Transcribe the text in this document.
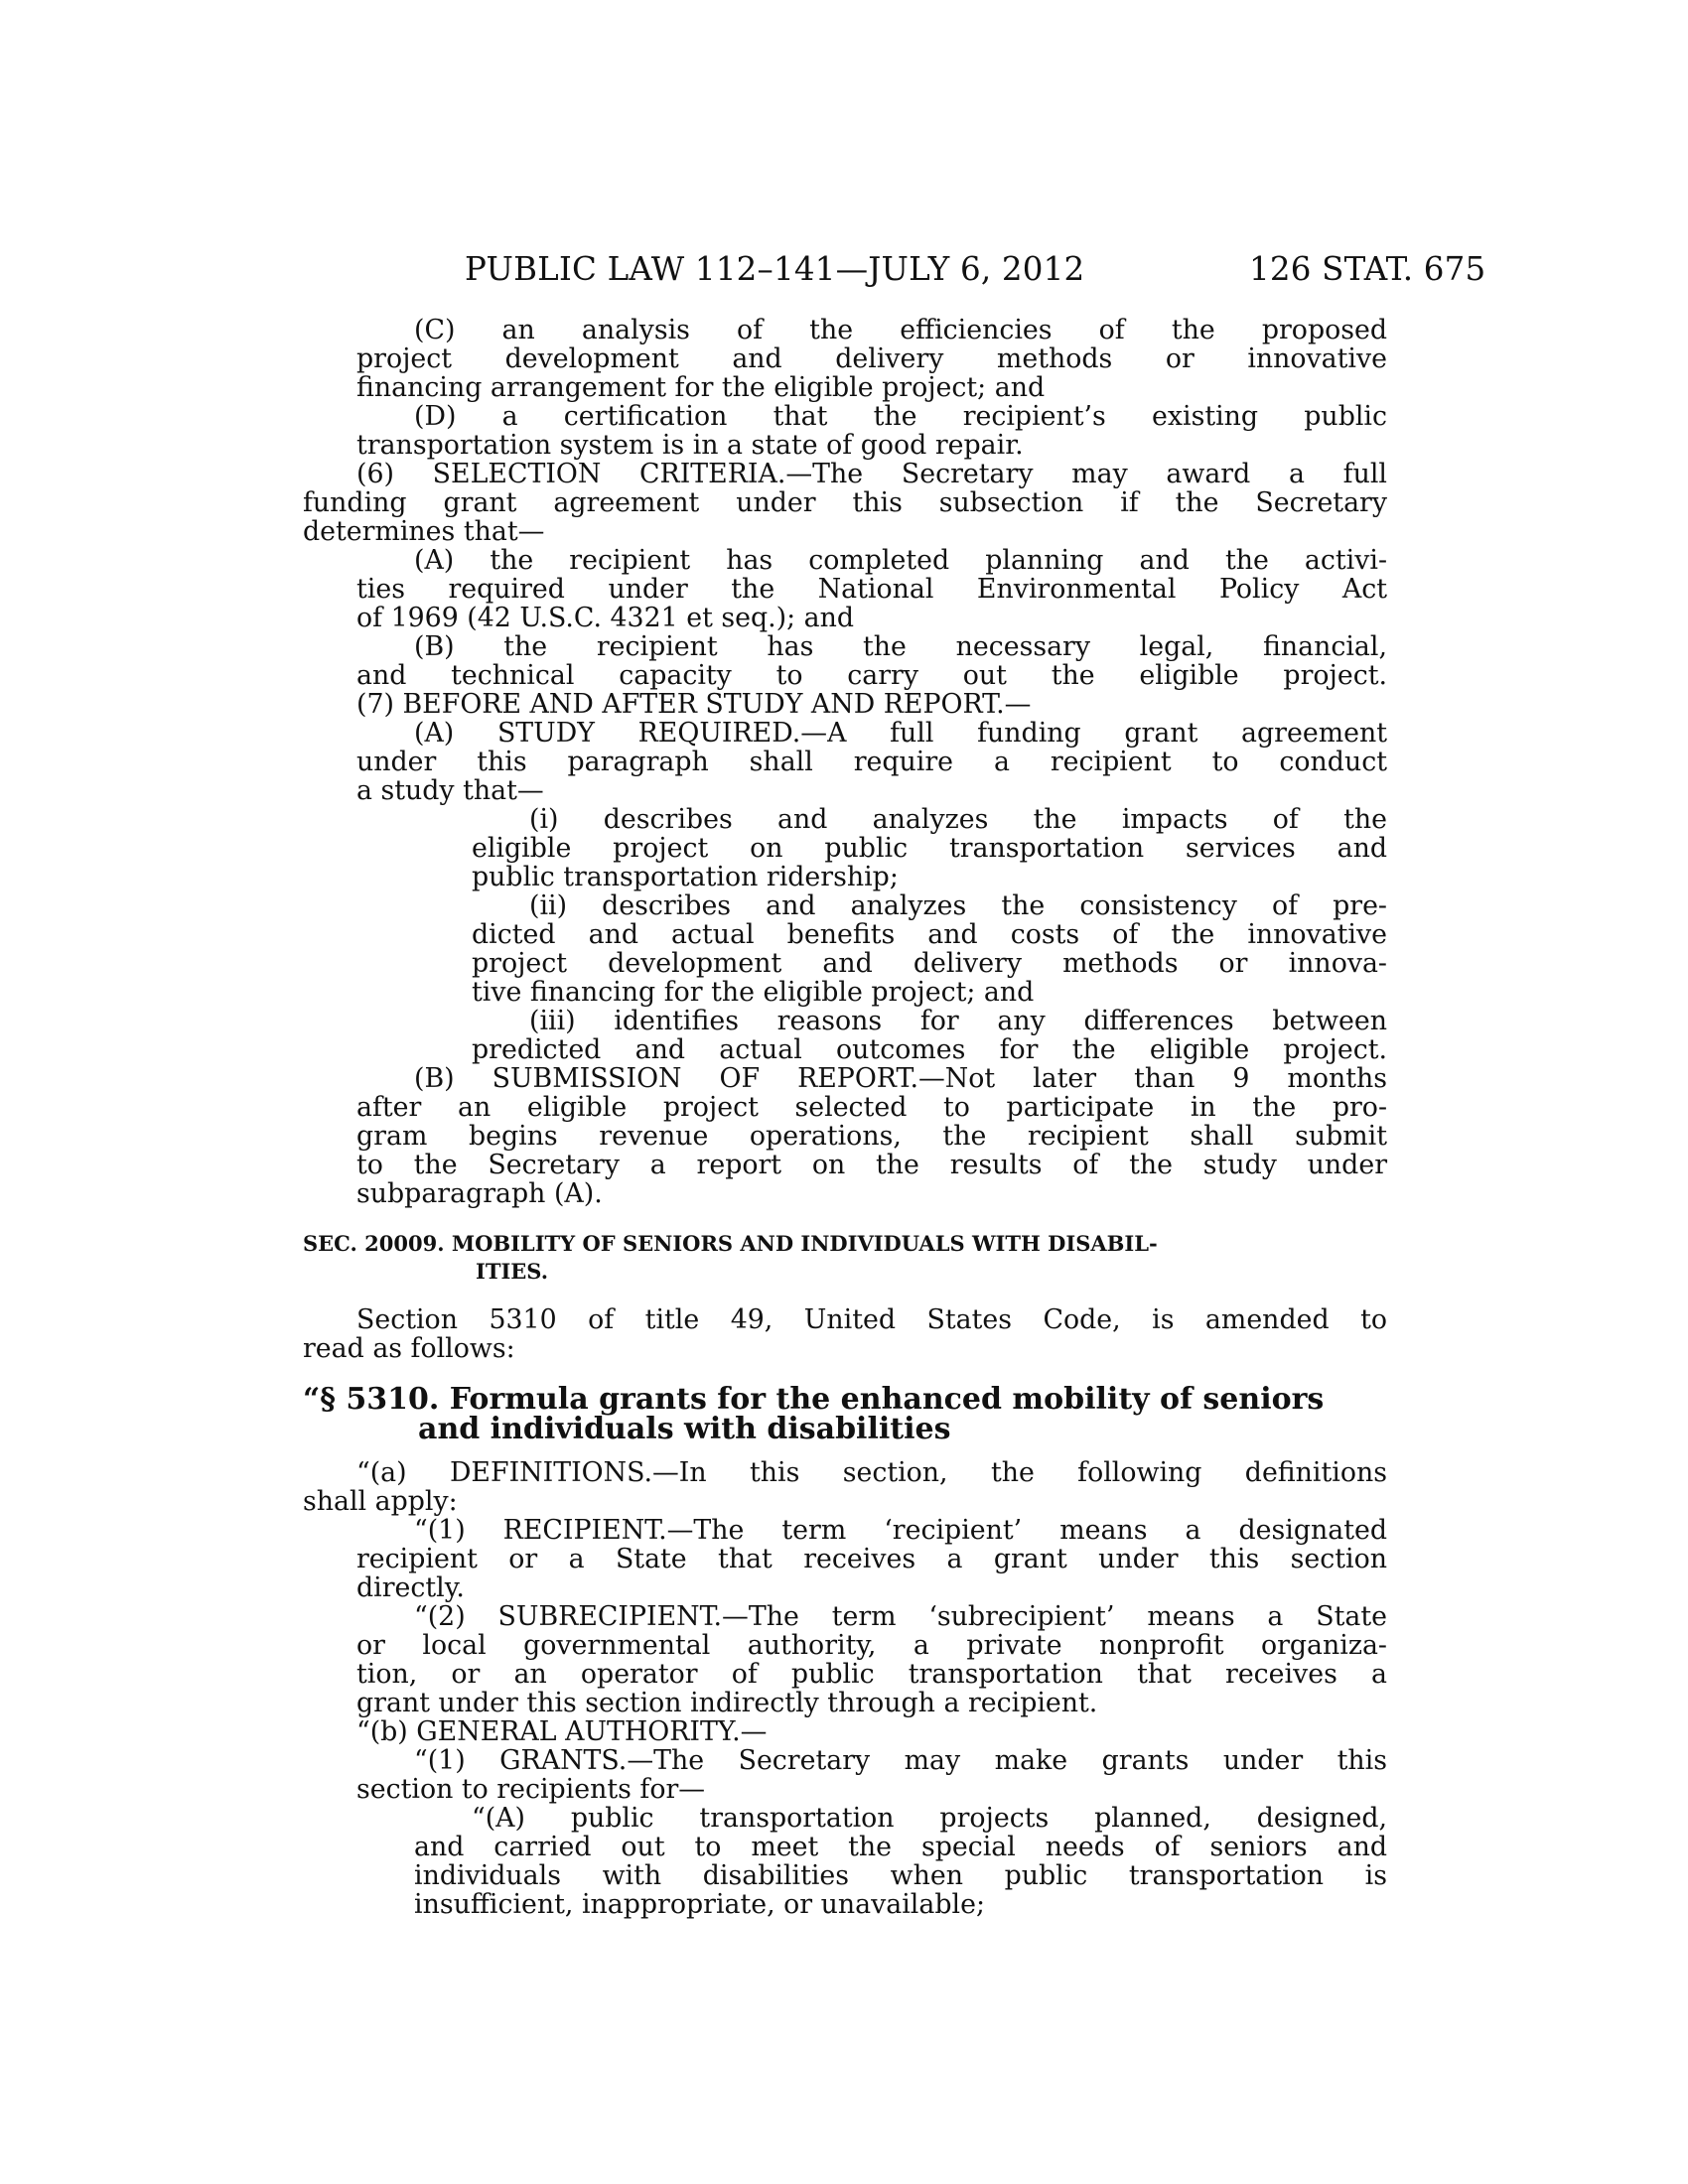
PUBLIC LAW 112–141—JULY 6, 2012	126 STAT. 675
(C) an analysis of the efficiencies of the proposed
project development and delivery methods or innovative
financing arrangement for the eligible project; and
(D) a certification that the recipient’s existing public
transportation system is in a state of good repair.
(6) SELECTION CRITERIA.—The Secretary may award a full
funding grant agreement under this subsection if the Secretary
determines that—
(A) the recipient has completed planning and the activi-
ties required under the National Environmental Policy Act
of 1969 (42 U.S.C. 4321 et seq.); and
(B) the recipient has the necessary legal, financial,
and technical capacity to carry out the eligible project.
(7) BEFORE AND AFTER STUDY AND REPORT.—
(A) STUDY REQUIRED.—A full funding grant agreement
under this paragraph shall require a recipient to conduct
a study that—
(i) describes and analyzes the impacts of the
eligible project on public transportation services and
public transportation ridership;
(ii) describes and analyzes the consistency of pre-
dicted and actual benefits and costs of the innovative
project development and delivery methods or innova-
tive financing for the eligible project; and
(iii) identifies reasons for any differences between
predicted and actual outcomes for the eligible project.
(B) SUBMISSION OF REPORT.—Not later than 9 months
after an eligible project selected to participate in the pro-
gram begins revenue operations, the recipient shall submit
to the Secretary a report on the results of the study under
subparagraph (A).
SEC. 20009. MOBILITY OF SENIORS AND INDIVIDUALS WITH DISABIL-
ITIES.
Section 5310 of title 49, United States Code, is amended to
read as follows:
“§ 5310. Formula grants for the enhanced mobility of seniors
and individuals with disabilities
“(a) DEFINITIONS.—In this section, the following definitions
shall apply:
“(1) RECIPIENT.—The term ‘recipient’ means a designated
recipient or a State that receives a grant under this section
directly.
“(2) SUBRECIPIENT.—The term ‘subrecipient’ means a State
or local governmental authority, a private nonprofit organiza-
tion, or an operator of public transportation that receives a
grant under this section indirectly through a recipient.
“(b) GENERAL AUTHORITY.—
“(1) GRANTS.—The Secretary may make grants under this
section to recipients for—
“(A) public transportation projects planned, designed,
and carried out to meet the special needs of seniors and
individuals with disabilities when public transportation is
insufficient, inappropriate, or unavailable;
